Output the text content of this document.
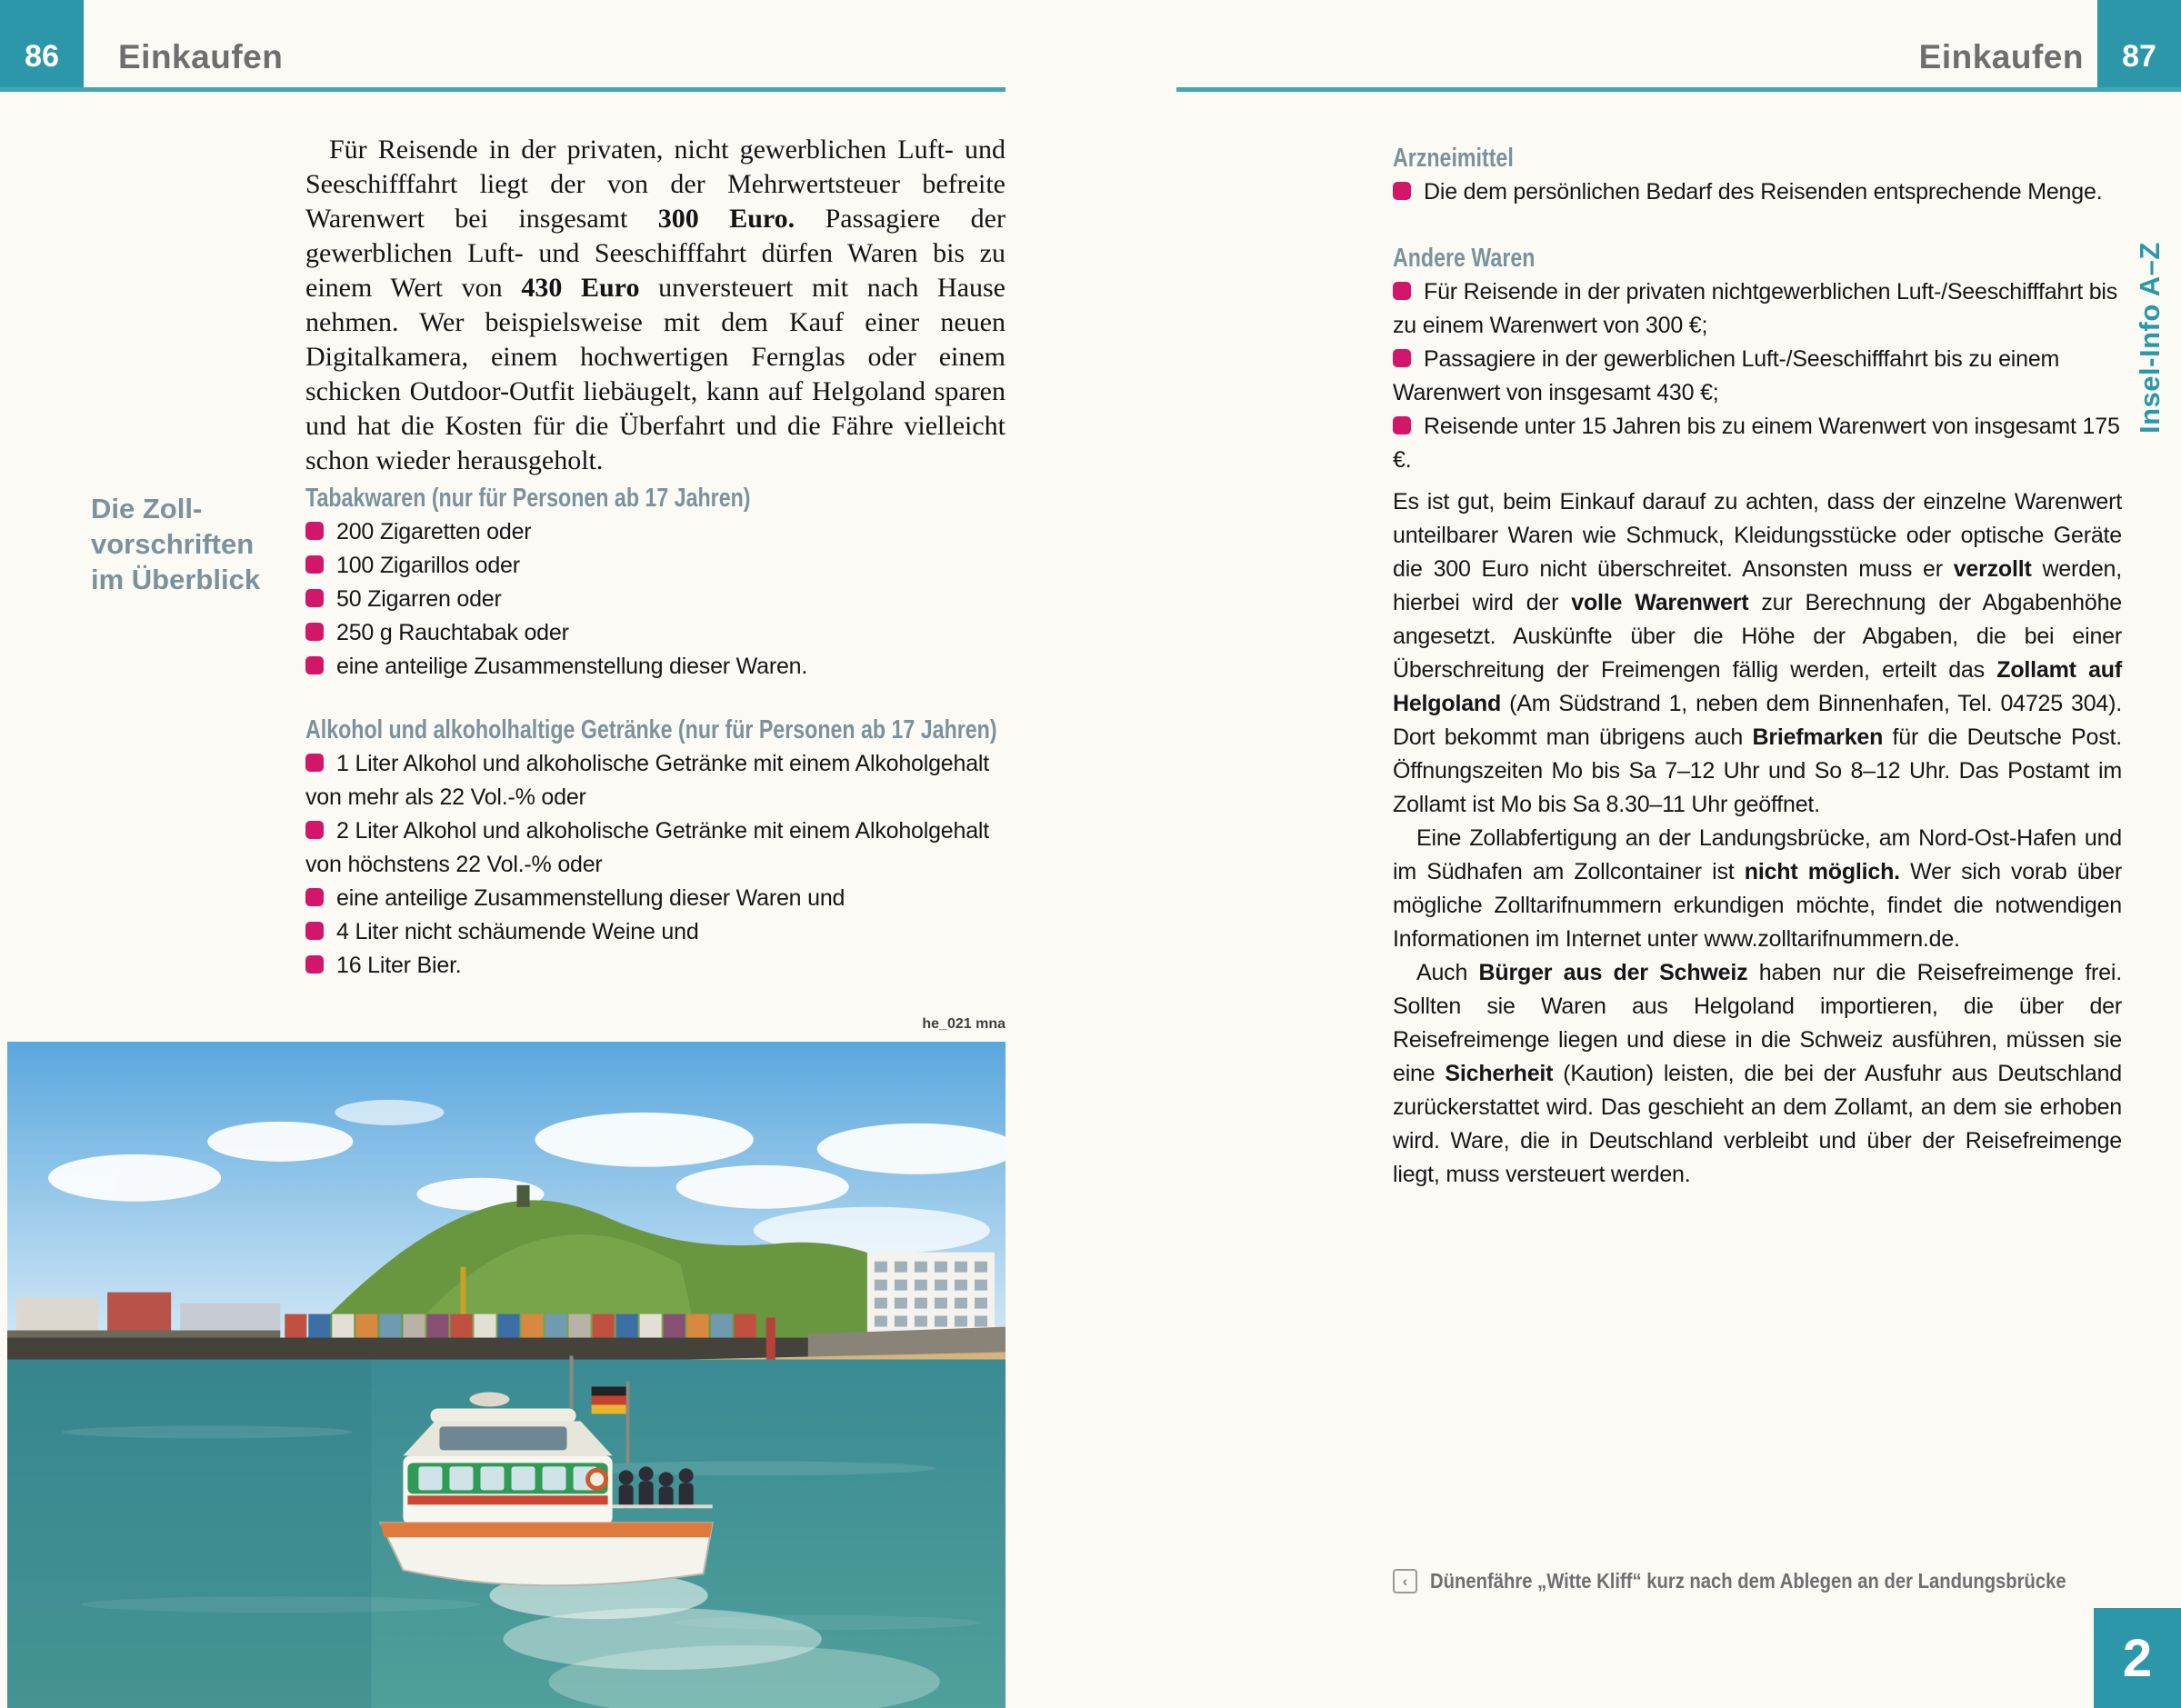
86 Einkaufen

Für Reisende in der privaten, nicht gewerblichen Luft- und Seeschifffahrt liegt der von der Mehrwertsteuer befreite Warenwert bei insgesamt 300 Euro. Passagiere der gewerblichen Luft- und Seeschifffahrt dürfen Waren bis zu einem Wert von 430 Euro unversteuert mit nach Hause nehmen. Wer beispielsweise mit dem Kauf einer neuen Digitalkamera, einem hochwertigen Fernglas oder einem schicken Outdoor-Outfit liebäugelt, kann auf Helgoland sparen und hat die Kosten für die Überfahrt und die Fähre vielleicht schon wieder herausgeholt.

Die Zoll-
vorschriften
im Überblick
Tabakwaren (nur für Personen ab 17 Jahren)
200 Zigaretten oder
100 Zigarillos oder
50 Zigarren oder
250 g Rauchtabak oder
eine anteilige Zusammenstellung dieser Waren.
Alkohol und alkoholhaltige Getränke (nur für Personen ab 17 Jahren)
1 Liter Alkohol und alkoholische Getränke mit einem Alkoholgehalt von mehr als 22 Vol.-% oder
2 Liter Alkohol und alkoholische Getränke mit einem Alkoholgehalt von höchstens 22 Vol.-% oder
eine anteilige Zusammenstellung dieser Waren und
4 Liter nicht schäumende Weine und
16 Liter Bier.
he_021 mna
Einkaufen 87
Insel-Info A–Z
Arzneimittel
Die dem persönlichen Bedarf des Reisenden entsprechende Menge.
Andere Waren
Für Reisende in der privaten nichtgewerblichen Luft-/Seeschifffahrt bis zu einem Warenwert von 300 €;
Passagiere in der gewerblichen Luft-/Seeschifffahrt bis zu einem Warenwert von insgesamt 430 €;
Reisende unter 15 Jahren bis zu einem Warenwert von insgesamt 175 €.

Es ist gut, beim Einkauf darauf zu achten, dass der einzelne Warenwert unteilbarer Waren wie Schmuck, Kleidungsstücke oder optische Geräte die 300 Euro nicht überschreitet. Ansonsten muss er verzollt werden, hierbei wird der volle Warenwert zur Berechnung der Abgabenhöhe angesetzt. Auskünfte über die Höhe der Abgaben, die bei einer Überschreitung der Freimengen fällig werden, erteilt das Zollamt auf Helgoland (Am Südstrand 1, neben dem Binnenhafen, Tel. 04725 304). Dort bekommt man übrigens auch Briefmarken für die Deutsche Post. Öffnungszeiten Mo bis Sa 7–12 Uhr und So 8–12 Uhr. Das Postamt im Zollamt ist Mo bis Sa 8.30–11 Uhr geöffnet.

Eine Zollabfertigung an der Landungsbrücke, am Nord-Ost-Hafen und im Südhafen am Zollcontainer ist nicht möglich. Wer sich vorab über mögliche Zolltarifnummern erkundigen möchte, findet die notwendigen Informationen im Internet unter www.zolltarifnummern.de.

Auch Bürger aus der Schweiz haben nur die Reisefreimenge frei. Sollten sie Waren aus Helgoland importieren, die über der Reisefreimenge liegen und diese in die Schweiz ausführen, müssen sie eine Sicherheit (Kaution) leisten, die bei der Ausfuhr aus Deutschland zurückerstattet wird. Das geschieht an dem Zollamt, an dem sie erhoben wird. Ware, die in Deutschland verbleibt und über der Reisefreimenge liegt, muss versteuert werden.

‹	Dünenfähre „Witte Kliff“ kurz nach dem Ablegen an der Landungsbrücke
2
